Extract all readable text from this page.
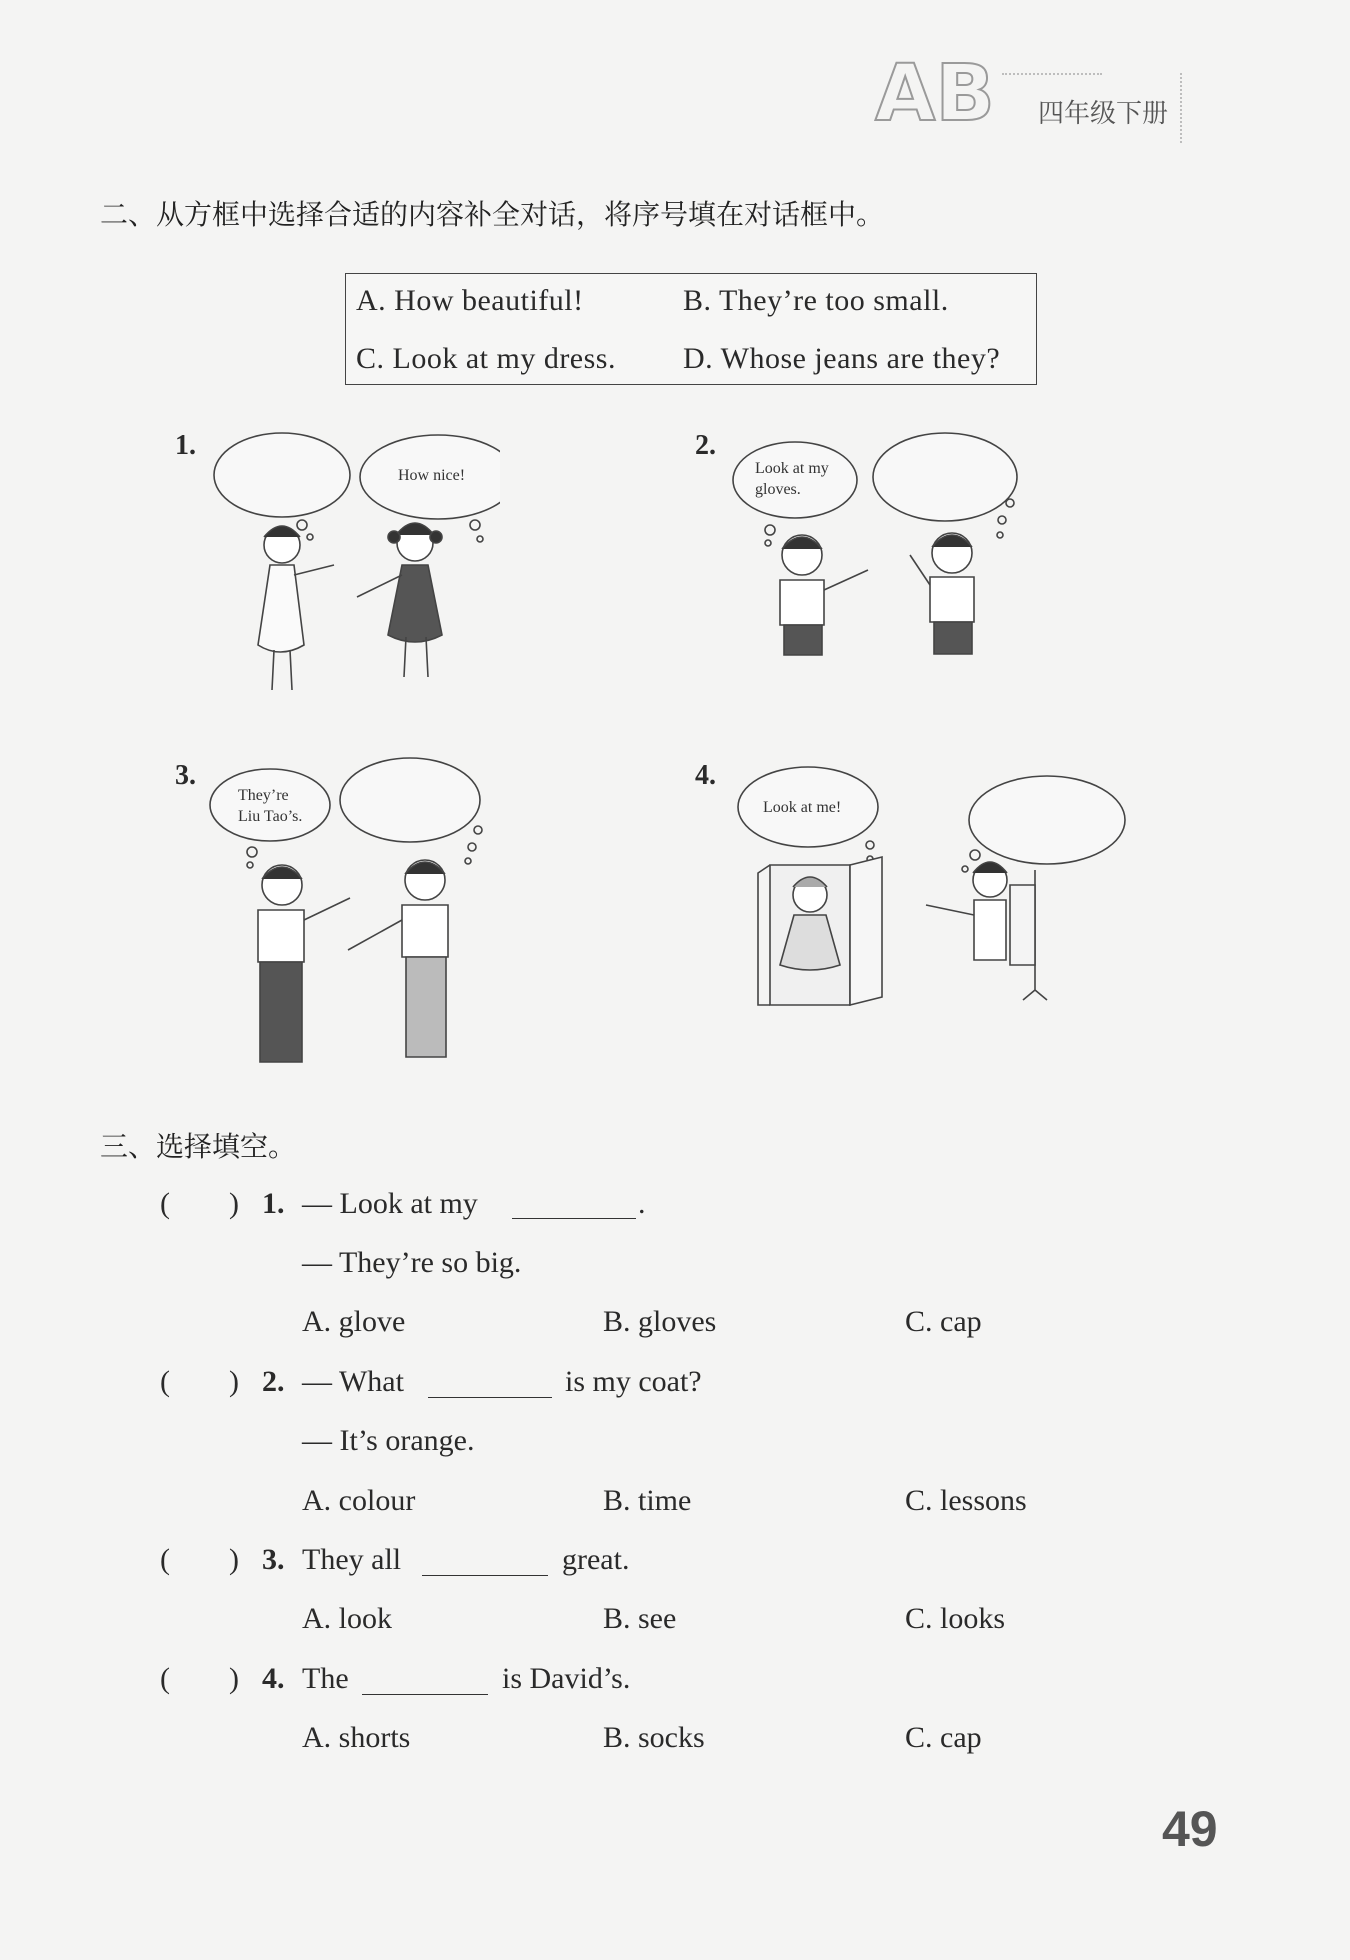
AB 四年级下册
二、从方框中选择合适的内容补全对话，将序号填在对话框中。
A. How beautiful!	B. They’re too small.
C. Look at my dress. D. Whose jeans are they?
1.
How nice!
2.
Look at my
gloves.
3.
They’re
Liu Tao’s.
4.
Look at me!
三、选择填空。
( ) 1. — Look at my	.
— They’re so big.
A. glove	B. gloves	C. cap
( ) 2. — What	is my coat?
— It’s orange.
A. colour	B. time	C. lessons
( ) 3. They all	great.
A. look	B. see	C. looks
( ) 4. The	is David’s.
A. shorts	B. socks	C. cap
49
